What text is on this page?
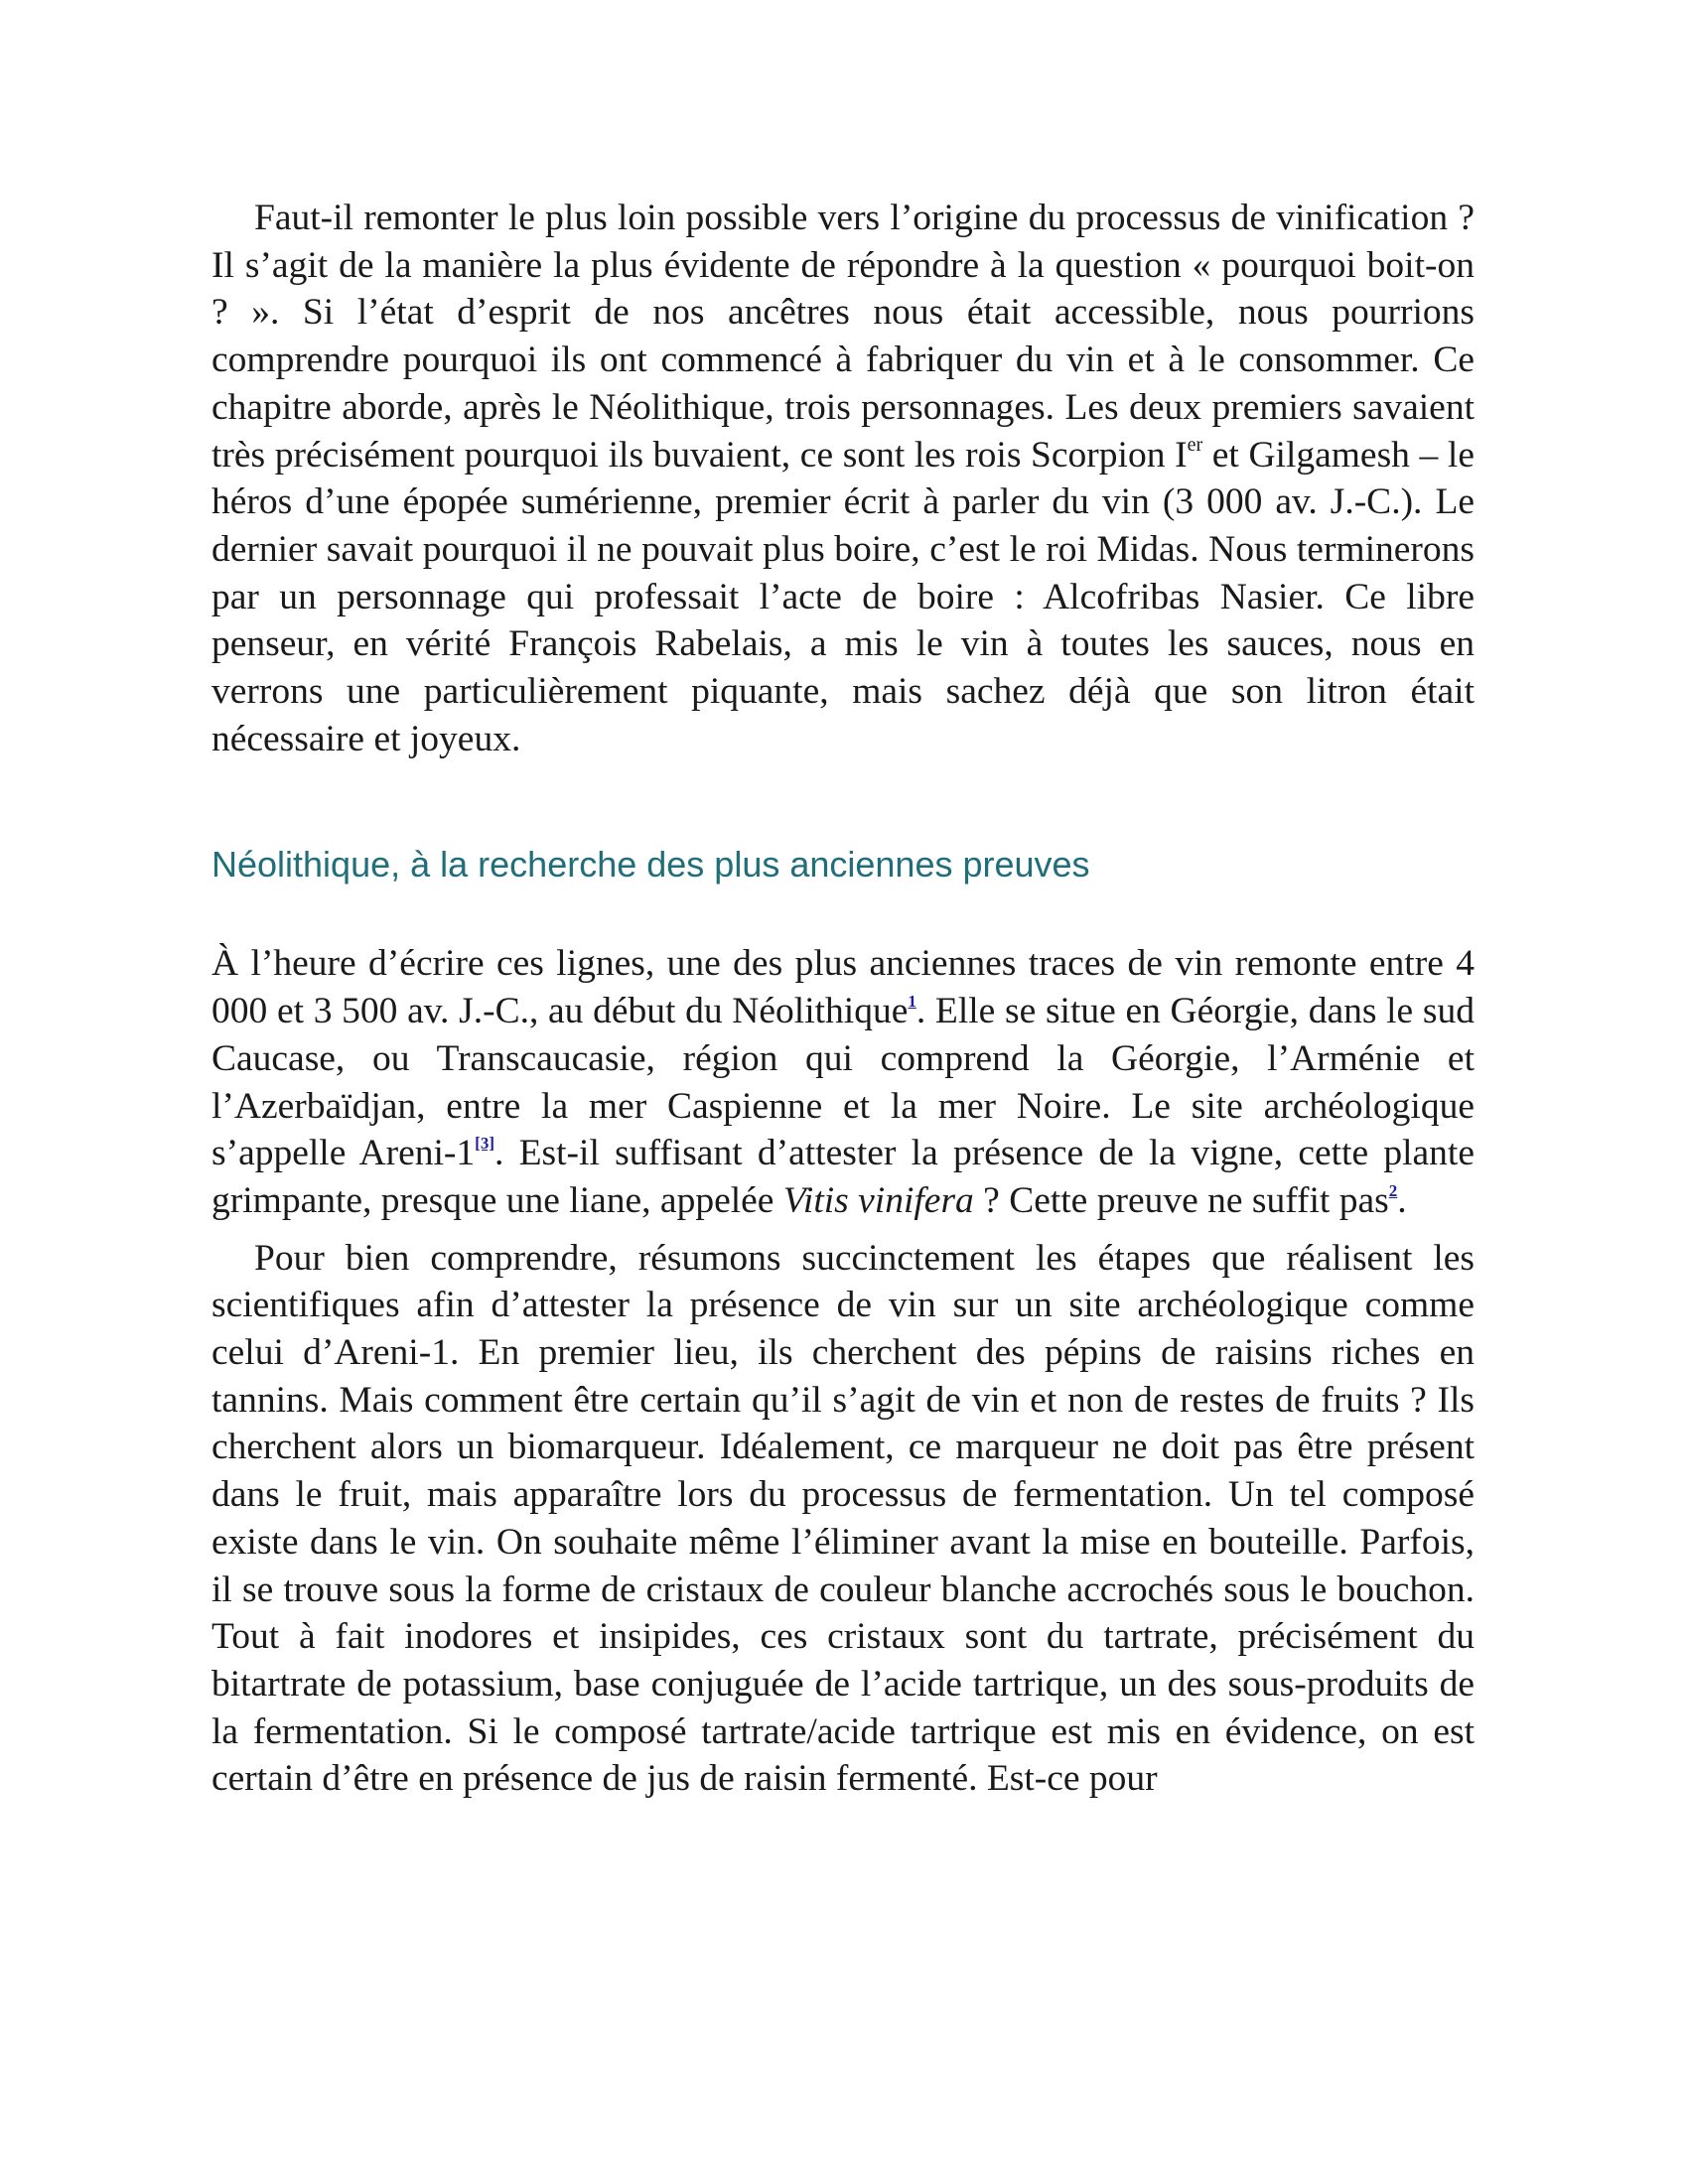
Faut-il remonter le plus loin possible vers l’origine du processus de vinification ? Il s’agit de la manière la plus évidente de répondre à la question « pourquoi boit-on ? ». Si l’état d’esprit de nos ancêtres nous était accessible, nous pourrions comprendre pourquoi ils ont commencé à fabriquer du vin et à le consommer. Ce chapitre aborde, après le Néolithique, trois personnages. Les deux premiers savaient très précisément pourquoi ils buvaient, ce sont les rois Scorpion Ier et Gilgamesh – le héros d’une épopée sumérienne, premier écrit à parler du vin (3 000 av. J.-C.). Le dernier savait pourquoi il ne pouvait plus boire, c’est le roi Midas. Nous terminerons par un personnage qui professait l’acte de boire : Alcofribas Nasier. Ce libre penseur, en vérité François Rabelais, a mis le vin à toutes les sauces, nous en verrons une particulièrement piquante, mais sachez déjà que son litron était nécessaire et joyeux.

Néolithique, à la recherche des plus anciennes preuves

À l’heure d’écrire ces lignes, une des plus anciennes traces de vin remonte entre 4 000 et 3 500 av. J.-C., au début du Néolithique$^1$. Elle se situe en Géorgie, dans le sud Caucase, ou Transcaucasie, région qui comprend la Géorgie, l’Arménie et l’Azerbaïdjan, entre la mer Caspienne et la mer Noire. Le site archéologique s’appelle Areni-1[3]. Est-il suffisant d’attester la présence de la vigne, cette plante grimpante, presque une liane, appelée Vitis vinifera ? Cette preuve ne suffit pas$^2$.

Pour bien comprendre, résumons succinctement les étapes que réalisent les scientifiques afin d’attester la présence de vin sur un site archéologique comme celui d’Areni-1. En premier lieu, ils cherchent des pépins de raisins riches en tannins. Mais comment être certain qu’il s’agit de vin et non de restes de fruits ? Ils cherchent alors un biomarqueur. Idéalement, ce marqueur ne doit pas être présent dans le fruit, mais apparaître lors du processus de fermentation. Un tel composé existe dans le vin. On souhaite même l’éliminer avant la mise en bouteille. Parfois, il se trouve sous la forme de cristaux de couleur blanche accrochés sous le bouchon. Tout à fait inodores et insipides, ces cristaux sont du tartrate, précisément du bitartrate de potassium, base conjuguée de l’acide tartrique, un des sous-produits de la fermentation. Si le composé tartrate/acide tartrique est mis en évidence, on est certain d’être en présence de jus de raisin fermenté. Est-ce pour
